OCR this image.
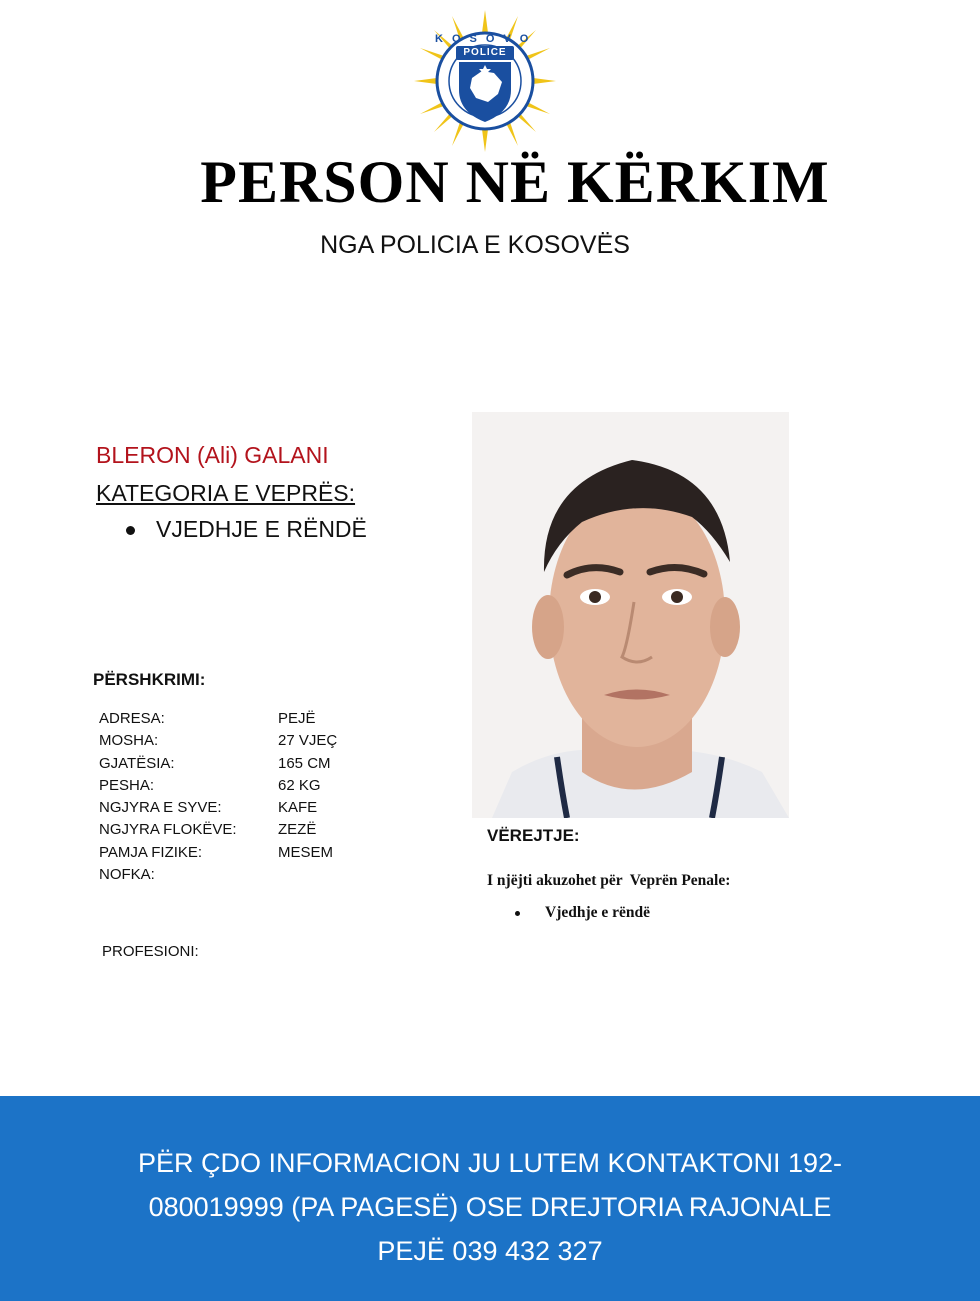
POLICE
KOSOVO
PERSON NË KËRKIM
NGA POLICIA E KOSOVËS
BLERON (Ali) GALANI
KATEGORIA E VEPRËS:
VJEDHJE E RËNDË
PËRSHKRIMI:
ADRESA:	PEJË
MOSHA:	27 VJEÇ
GJATËSIA:	165 CM
PESHA:	62 KG
NGJYRA E SYVE:	KAFE
NGJYRA FLOKËVE:	ZEZË
PAMJA FIZIKE:	MESEM
NOFKA:	
PROFESIONI:
VËREJTJE:
I njëjti akuzohet për  Veprën Penale:
Vjedhje e rëndë
PËR ÇDO INFORMACION JU LUTEM KONTAKTONI 192-
080019999 (PA PAGESË) OSE DREJTORIA RAJONALE
PEJË 039 432 327
